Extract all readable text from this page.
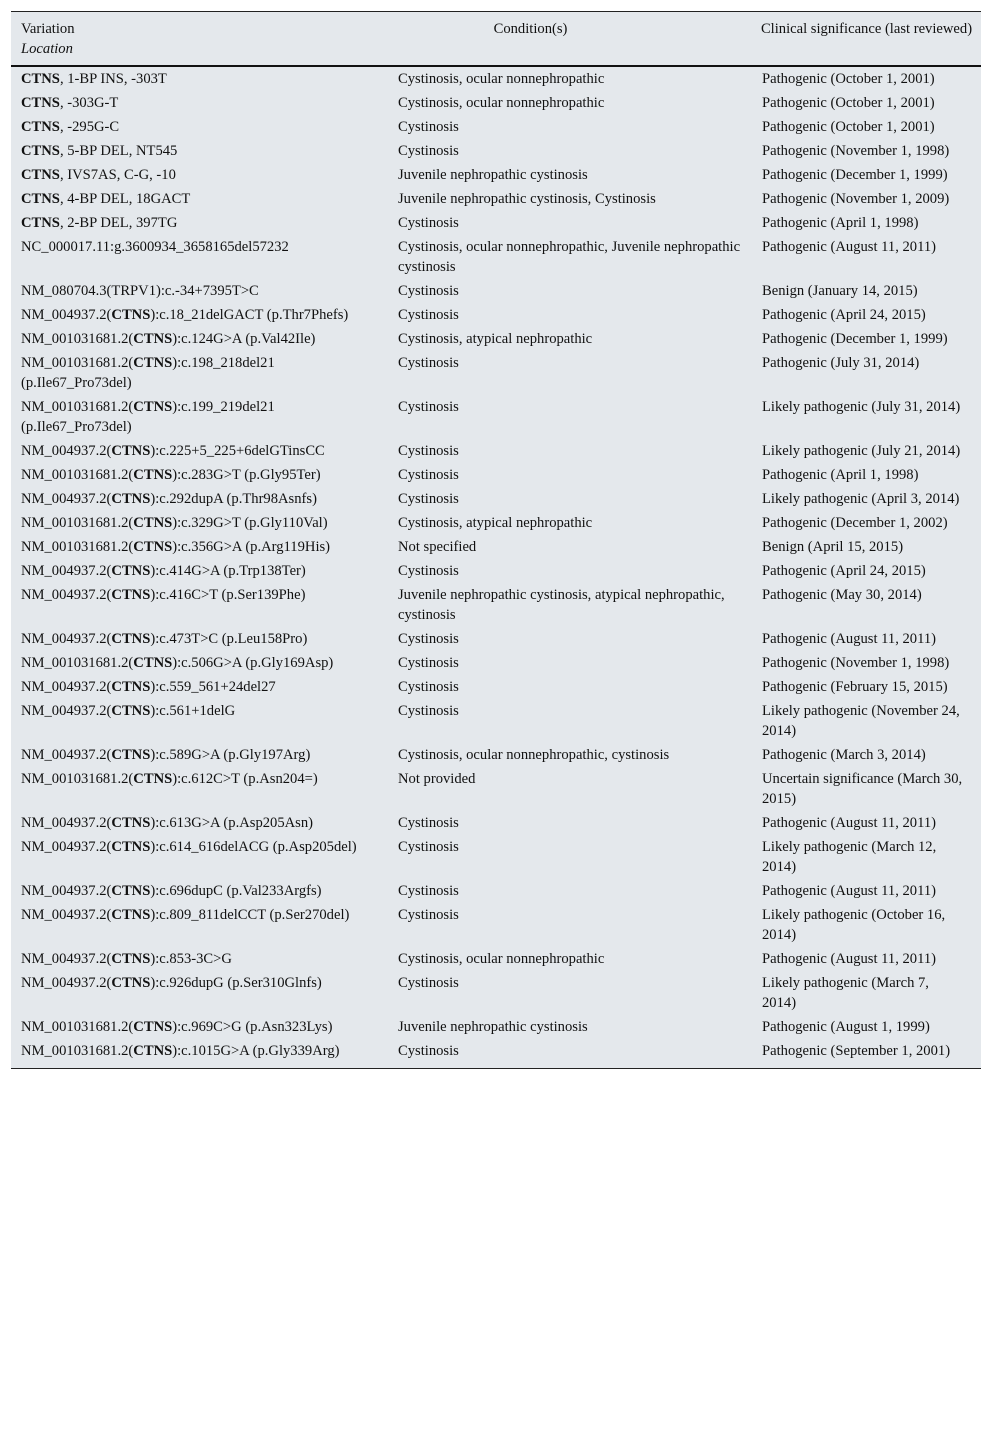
Variation
Location	Condition(s)	Clinical significance (last reviewed)
CTNS, 1-BP INS, -303T	Cystinosis, ocular nonnephropathic	Pathogenic (October 1, 2001)
CTNS, -303G-T	Cystinosis, ocular nonnephropathic	Pathogenic (October 1, 2001)
CTNS, -295G-C	Cystinosis	Pathogenic (October 1, 2001)
CTNS, 5-BP DEL, NT545	Cystinosis	Pathogenic (November 1, 1998)
CTNS, IVS7AS, C-G, -10	Juvenile nephropathic cystinosis	Pathogenic (December 1, 1999)
CTNS, 4-BP DEL, 18GACT	Juvenile nephropathic cystinosis, Cystinosis	Pathogenic (November 1, 2009)
CTNS, 2-BP DEL, 397TG	Cystinosis	Pathogenic (April 1, 1998)
NC_000017.11:g.3600934_3658165del57232	Cystinosis, ocular nonnephropathic, Juvenile nephropathic cystinosis	Pathogenic (August 11, 2011)
NM_080704.3(TRPV1):c.-34+7395T>C	Cystinosis	Benign (January 14, 2015)
NM_004937.2(CTNS):c.18_21delGACT (p.Thr7Phefs)	Cystinosis	Pathogenic (April 24, 2015)
NM_001031681.2(CTNS):c.124G>A (p.Val42Ile)	Cystinosis, atypical nephropathic	Pathogenic (December 1, 1999)
NM_001031681.2(CTNS):c.198_218del21 (p.Ile67_Pro73del)	Cystinosis	Pathogenic (July 31, 2014)
NM_001031681.2(CTNS):c.199_219del21 (p.Ile67_Pro73del)	Cystinosis	Likely pathogenic (July 31, 2014)
NM_004937.2(CTNS):c.225+5_225+6delGTinsCC	Cystinosis	Likely pathogenic (July 21, 2014)
NM_001031681.2(CTNS):c.283G>T (p.Gly95Ter)	Cystinosis	Pathogenic (April 1, 1998)
NM_004937.2(CTNS):c.292dupA (p.Thr98Asnfs)	Cystinosis	Likely pathogenic (April 3, 2014)
NM_001031681.2(CTNS):c.329G>T (p.Gly110Val)	Cystinosis, atypical nephropathic	Pathogenic (December 1, 2002)
NM_001031681.2(CTNS):c.356G>A (p.Arg119His)	Not specified	Benign (April 15, 2015)
NM_004937.2(CTNS):c.414G>A (p.Trp138Ter)	Cystinosis	Pathogenic (April 24, 2015)
NM_004937.2(CTNS):c.416C>T (p.Ser139Phe)	Juvenile nephropathic cystinosis, atypical nephropathic, cystinosis	Pathogenic (May 30, 2014)
NM_004937.2(CTNS):c.473T>C (p.Leu158Pro)	Cystinosis	Pathogenic (August 11, 2011)
NM_001031681.2(CTNS):c.506G>A (p.Gly169Asp)	Cystinosis	Pathogenic (November 1, 1998)
NM_004937.2(CTNS):c.559_561+24del27	Cystinosis	Pathogenic (February 15, 2015)
NM_004937.2(CTNS):c.561+1delG	Cystinosis	Likely pathogenic (November 24, 2014)
NM_004937.2(CTNS):c.589G>A (p.Gly197Arg)	Cystinosis, ocular nonnephropathic, cystinosis	Pathogenic (March 3, 2014)
NM_001031681.2(CTNS):c.612C>T (p.Asn204=)	Not provided	Uncertain significance (March 30, 2015)
NM_004937.2(CTNS):c.613G>A (p.Asp205Asn)	Cystinosis	Pathogenic (August 11, 2011)
NM_004937.2(CTNS):c.614_616delACG (p.Asp205del)	Cystinosis	Likely pathogenic (March 12, 2014)
NM_004937.2(CTNS):c.696dupC (p.Val233Argfs)	Cystinosis	Pathogenic (August 11, 2011)
NM_004937.2(CTNS):c.809_811delCCT (p.Ser270del)	Cystinosis	Likely pathogenic (October 16, 2014)
NM_004937.2(CTNS):c.853-3C>G	Cystinosis, ocular nonnephropathic	Pathogenic (August 11, 2011)
NM_004937.2(CTNS):c.926dupG (p.Ser310Glnfs)	Cystinosis	Likely pathogenic (March 7, 2014)
NM_001031681.2(CTNS):c.969C>G (p.Asn323Lys)	Juvenile nephropathic cystinosis	Pathogenic (August 1, 1999)
NM_001031681.2(CTNS):c.1015G>A (p.Gly339Arg)	Cystinosis	Pathogenic (September 1, 2001)
